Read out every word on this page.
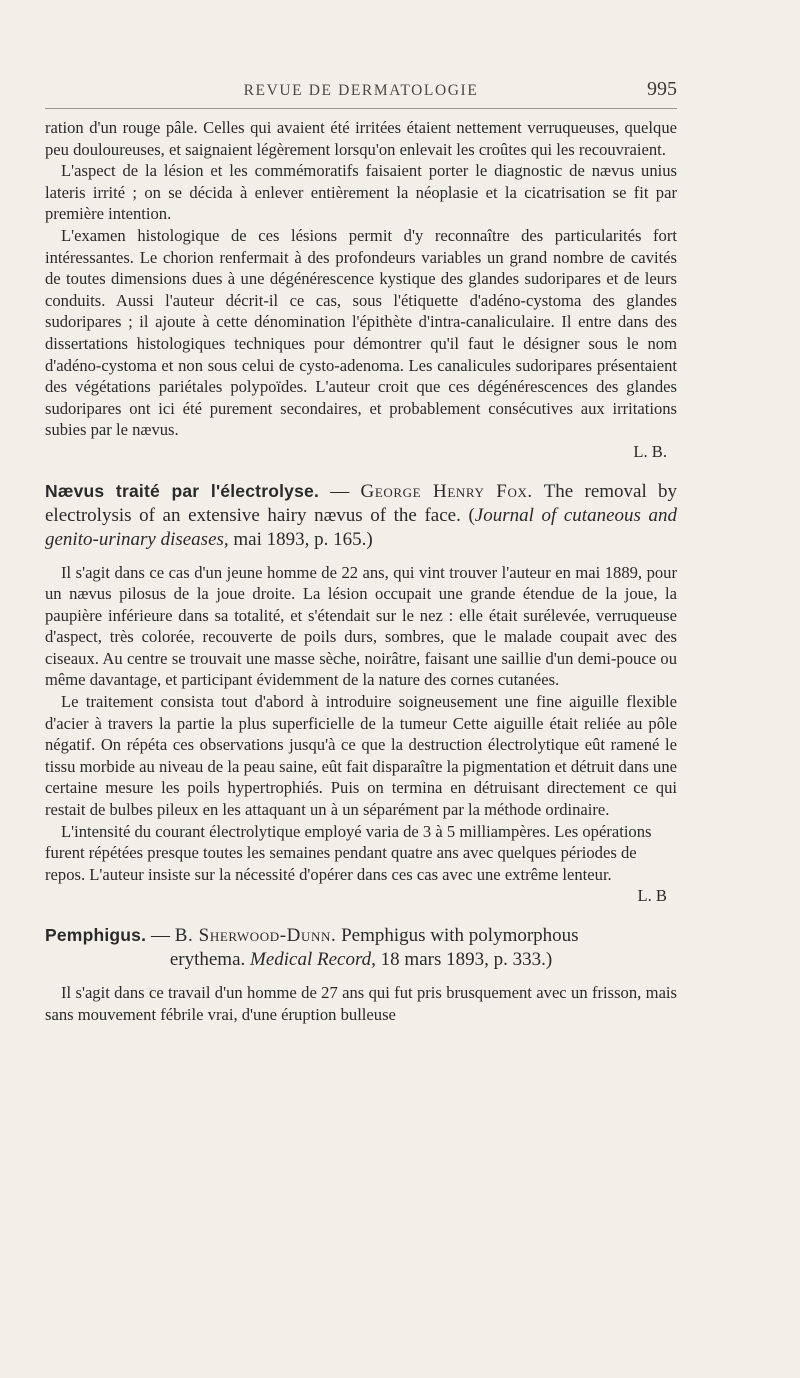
REVUE DE DERMATOLOGIE	995

ration d'un rouge pâle. Celles qui avaient été irritées étaient nettement verruqueuses, quelque peu douloureuses, et saignaient légèrement lorsqu'on enlevait les croûtes qui les recouvraient.

L'aspect de la lésion et les commémoratifs faisaient porter le diagnostic de nævus unius lateris irrité ; on se décida à enlever entièrement la néoplasie et la cicatrisation se fit par première intention.

L'examen histologique de ces lésions permit d'y reconnaître des particularités fort intéressantes. Le chorion renfermait à des profondeurs variables un grand nombre de cavités de toutes dimensions dues à une dégénérescence kystique des glandes sudoripares et de leurs conduits. Aussi l'auteur décrit-il ce cas, sous l'étiquette d'adéno-cystoma des glandes sudoripares ; il ajoute à cette dénomination l'épithète d'intra-canaliculaire. Il entre dans des dissertations histologiques techniques pour démontrer qu'il faut le désigner sous le nom d'adéno-cystoma et non sous celui de cysto-adenoma. Les canalicules sudoripares présentaient des végétations pariétales polypoïdes. L'auteur croit que ces dégénérescences des glandes sudoripares ont ici été purement secondaires, et probablement consécutives aux irritations subies par le nævus.

L. B.

Nævus traité par l'électrolyse. — George Henry Fox. The removal by electrolysis of an extensive hairy nævus of the face. (Journal of cutaneous and genito-urinary diseases, mai 1893, p. 165.)

Il s'agit dans ce cas d'un jeune homme de 22 ans, qui vint trouver l'auteur en mai 1889, pour un nævus pilosus de la joue droite. La lésion occupait une grande étendue de la joue, la paupière inférieure dans sa totalité, et s'étendait sur le nez : elle était surélevée, verruqueuse d'aspect, très colorée, recouverte de poils durs, sombres, que le malade coupait avec des ciseaux. Au centre se trouvait une masse sèche, noirâtre, faisant une saillie d'un demi-pouce ou même davantage, et participant évidemment de la nature des cornes cutanées.

Le traitement consista tout d'abord à introduire soigneusement une fine aiguille flexible d'acier à travers la partie la plus superficielle de la tumeur Cette aiguille était reliée au pôle négatif. On répéta ces observations jusqu'à ce que la destruction électrolytique eût ramené le tissu morbide au niveau de la peau saine, eût fait disparaître la pigmentation et détruit dans une certaine mesure les poils hypertrophiés. Puis on termina en détruisant directement ce qui restait de bulbes pileux en les attaquant un à un séparément par la méthode ordinaire.

L'intensité du courant électrolytique employé varia de 3 à 5 milliampères. Les opérations furent répétées presque toutes les semaines pendant quatre ans avec quelques périodes de repos. L'auteur insiste sur la nécessité d'opérer dans ces cas avec une extrême lenteur.

L. B

Pemphigus. — B. Sherwood-Dunn. Pemphigus with polymorphous
erythema. Medical Record, 18 mars 1893, p. 333.)

Il s'agit dans ce travail d'un homme de 27 ans qui fut pris brusquement avec un frisson, mais sans mouvement fébrile vrai, d'une éruption bulleuse
